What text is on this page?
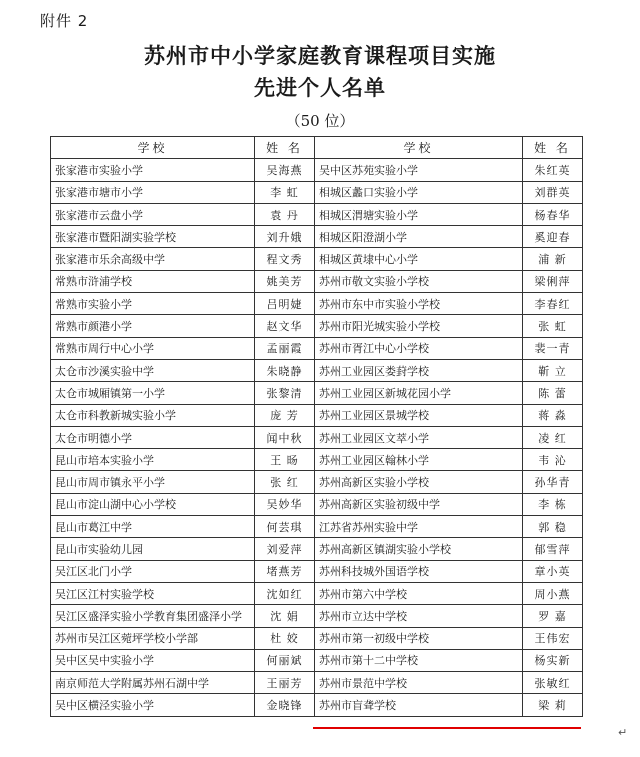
附件 2
苏州市中小学家庭教育课程项目实施
先进个人名单
（50 位）
学校	姓 名	学校	姓 名
张家港市实验小学	吴海燕	吴中区苏苑实验小学	朱红英
张家港市塘市小学	李 虹	相城区蠡口实验小学	刘群英
张家港市云盘小学	袁 丹	相城区渭塘实验小学	杨春华
张家港市暨阳湖实验学校	刘升娥	相城区阳澄湖小学	奚迎春
张家港市乐余高级中学	程文秀	相城区黄埭中心小学	浦 新
常熟市浒浦学校	姚美芳	苏州市敬文实验小学校	梁俐萍
常熟市实验小学	吕明婕	苏州市东中市实验小学校	李春红
常熟市颜港小学	赵文华	苏州市阳光城实验小学校	张 虹
常熟市周行中心小学	孟丽霞	苏州市胥江中心小学校	裴一青
太仓市沙溪实验中学	朱晓静	苏州工业园区娄葑学校	靳 立
太仓市城厢镇第一小学	张黎清	苏州工业园区新城花园小学	陈 蕾
太仓市科教新城实验小学	庞 芳	苏州工业园区景城学校	蒋 淼
太仓市明德小学	闻中秋	苏州工业园区文萃小学	凌 红
昆山市培本实验小学	王 旸	苏州工业园区翰林小学	韦 沁
昆山市周市镇永平小学	张 红	苏州高新区实验小学校	孙华青
昆山市淀山湖中心小学校	吴妙华	苏州高新区实验初级中学	李 栋
昆山市葛江中学	何芸琪	江苏省苏州实验中学	郭 稳
昆山市实验幼儿园	刘爱萍	苏州高新区镇湖实验小学校	郁雪萍
吴江区北门小学	堵燕芳	苏州科技城外国语学校	章小英
吴江区江村实验学校	沈如红	苏州市第六中学校	周小燕
吴江区盛泽实验小学教育集团盛泽小学	沈 娟	苏州市立达中学校	罗 嘉
苏州市吴江区菀坪学校小学部	杜 姣	苏州市第一初级中学校	王伟宏
吴中区吴中实验小学	何丽斌	苏州市第十二中学校	杨实新
南京师范大学附属苏州石湖中学	王丽芳	苏州市景范中学校	张敏红
吴中区横泾实验小学	金晓锋	苏州市盲聋学校	梁 莉
↵
